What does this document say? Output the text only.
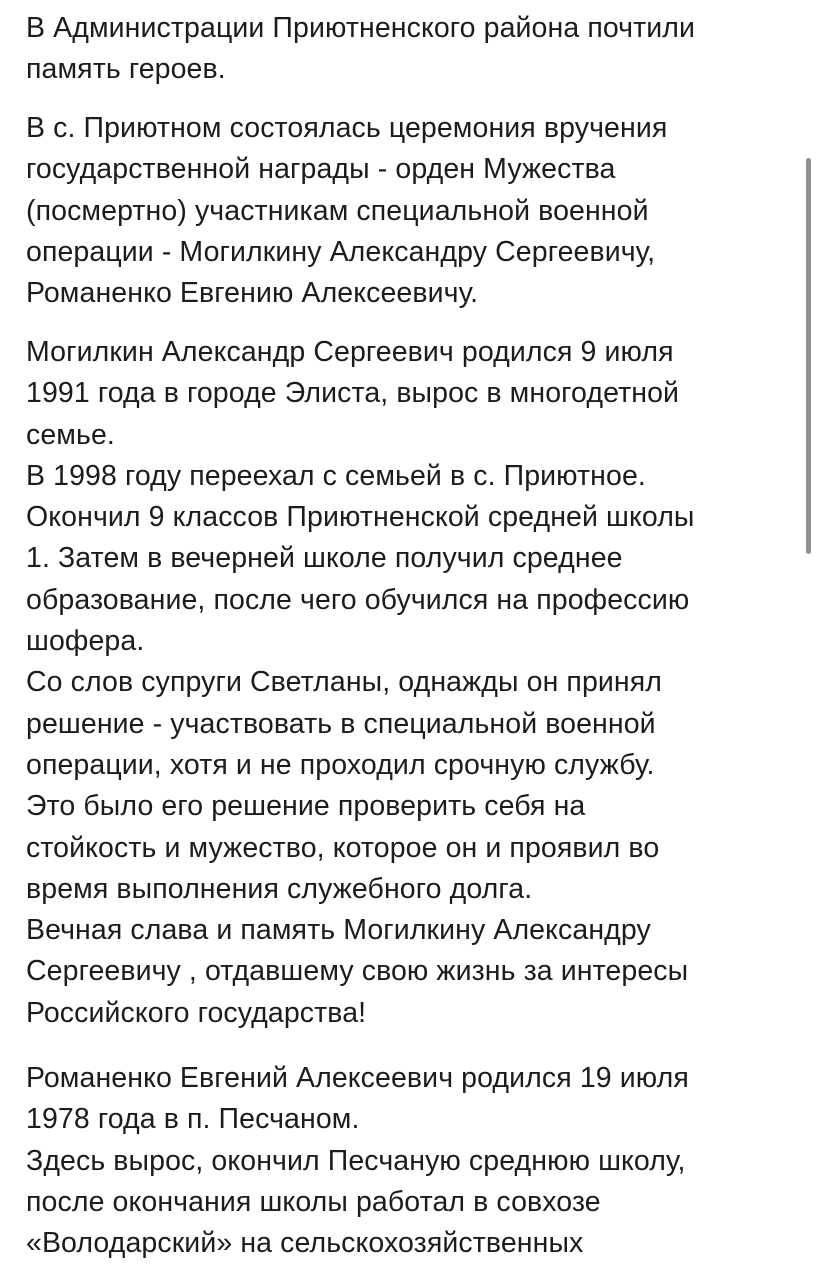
В Администрации Приютненского района почтили
память героев.

В с. Приютном состоялась церемония вручения
государственной награды - орден Мужества
(посмертно) участникам специальной военной
операции - Могилкину Александру Сергеевичу,
Романенко Евгению Алексеевичу.

Могилкин Александр Сергеевич родился 9 июля
1991 года в городе Элиста, вырос в многодетной
семье.
В 1998 году переехал с семьей в с. Приютное.
Окончил 9 классов Приютненской средней школы
1. Затем в вечерней школе получил среднее
образование, после чего обучился на профессию
шофера.
Со слов супруги Светланы, однажды он принял
решение - участвовать в специальной военной
операции, хотя и не проходил срочную службу.
Это было его решение проверить себя на
стойкость и мужество, которое он и проявил во
время выполнения служебного долга.
Вечная слава и память Могилкину Александру
Сергеевичу , отдавшему свою жизнь за интересы
Российского государства!

Романенко Евгений Алексеевич родился 19 июля
1978 года в п. Песчаном.
Здесь вырос, окончил Песчаную среднюю школу,
после окончания школы работал в совхозе
«Володарский» на сельскохозяйственных
